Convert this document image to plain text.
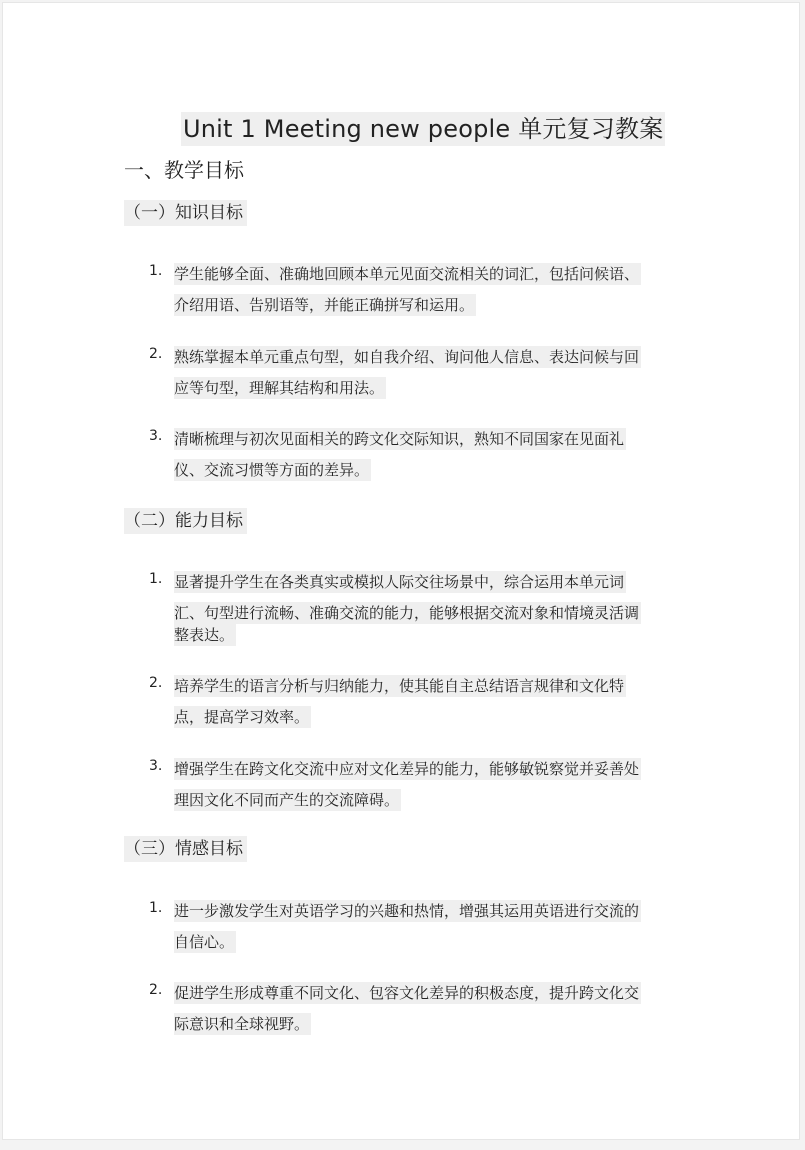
Unit 1 Meeting new people 单元复习教案
一、教学目标
（一）知识目标
1. 学生能够全面、准确地回顾本单元见面交流相关的词汇，包括问候语、
介绍用语、告别语等，并能正确拼写和运用。
2. 熟练掌握本单元重点句型，如自我介绍、询问他人信息、表达问候与回
应等句型，理解其结构和用法。
3. 清晰梳理与初次见面相关的跨文化交际知识，熟知不同国家在见面礼
仪、交流习惯等方面的差异。
（二）能力目标
1. 显著提升学生在各类真实或模拟人际交往场景中，综合运用本单元词
汇、句型进行流畅、准确交流的能力，能够根据交流对象和情境灵活调
整表达。
2. 培养学生的语言分析与归纳能力，使其能自主总结语言规律和文化特
点，提高学习效率。
3. 增强学生在跨文化交流中应对文化差异的能力，能够敏锐察觉并妥善处
理因文化不同而产生的交流障碍。
（三）情感目标
1. 进一步激发学生对英语学习的兴趣和热情，增强其运用英语进行交流的
自信心。
2. 促进学生形成尊重不同文化、包容文化差异的积极态度，提升跨文化交
际意识和全球视野。
